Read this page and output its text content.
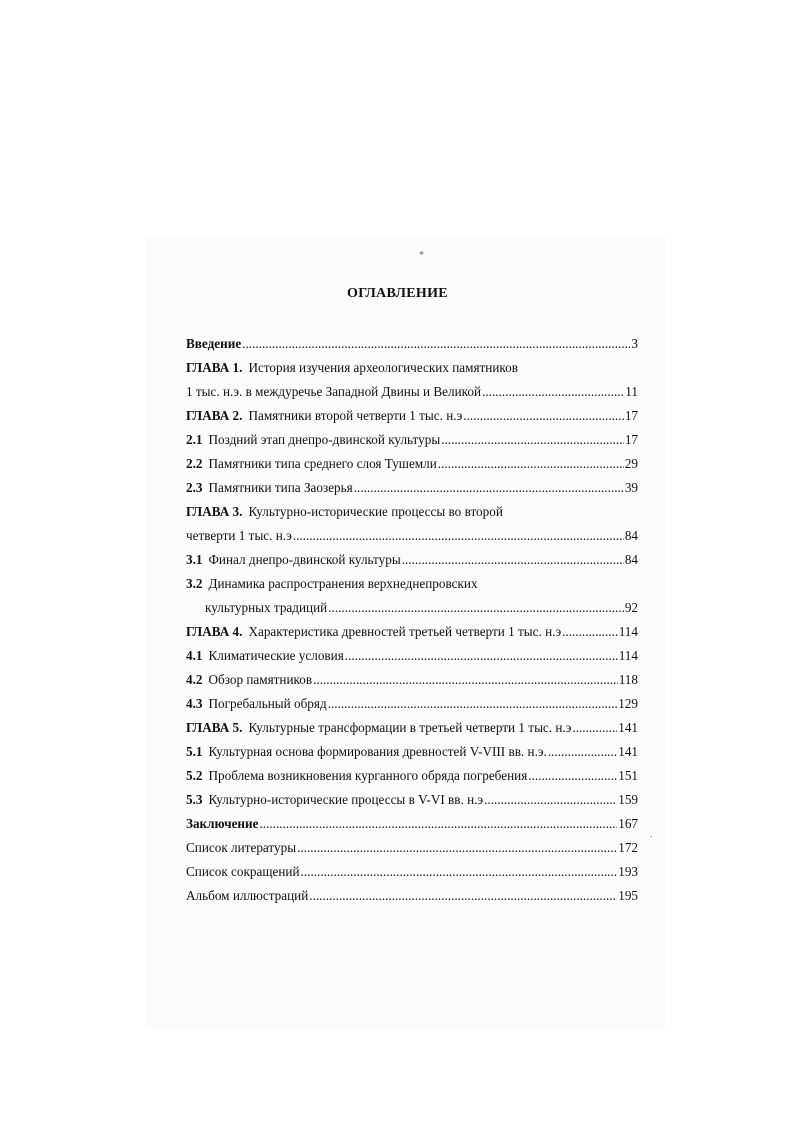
*
ОГЛАВЛЕНИЕ
Введение .....	3
ГЛАВА 1. История изучения археологических памятников
1 тыс. н.э. в междуречье Западной Двины и Великой .....	11
ГЛАВА 2. Памятники второй четверти 1 тыс. н.э .....	17
2.1 Поздний этап днепро-двинской культуры .....	17
2.2 Памятники типа среднего слоя Тушемли .....	29
2.3 Памятники типа Заозерья .....	39
ГЛАВА 3. Культурно-исторические процессы во второй
четверти 1 тыс. н.э .....	84
3.1 Финал днепро-двинской культуры .....	84
3.2 Динамика распространения верхнеднепровских
культурных традиций .....	92
ГЛАВА 4. Характеристика древностей третьей четверти 1 тыс. н.э .....	114
4.1 Климатические условия .....	114
4.2 Обзор памятников .....	118
4.3 Погребальный обряд .....	129
ГЛАВА 5. Культурные трансформации в третьей четверти 1 тыс. н.э .....	141
5.1 Культурная основа формирования древностей V-VIII вв. н.э. .....	141
5.2 Проблема возникновения курганного обряда погребения .....	151
5.3 Культурно-исторические процессы в V-VI вв. н.э .....	159
Заключение .....	167
Список литературы .....	172
Список сокращений .....	193
Альбом иллюстраций .....	195
.
